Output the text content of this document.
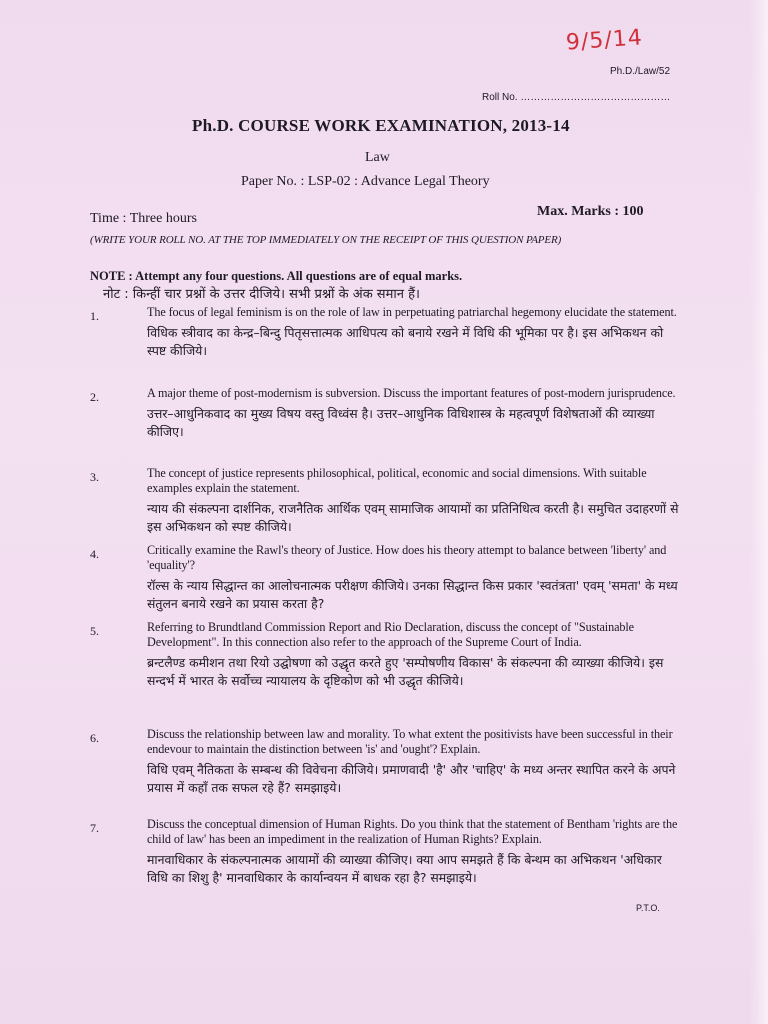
9/5/14
Ph.D./Law/52
Roll No. ………………………………………
Ph.D. COURSE WORK EXAMINATION, 2013-14
Law
Paper No. : LSP-02 : Advance Legal Theory
Time : Three hours	Max. Marks : 100
(WRITE YOUR ROLL NO. AT THE TOP IMMEDIATELY ON THE RECEIPT OF THIS QUESTION PAPER)
NOTE : Attempt any four questions. All questions are of equal marks.
नोट : किन्हीं चार प्रश्नों के उत्तर दीजिये। सभी प्रश्नों के अंक समान हैं।
1.	The focus of legal feminism is on the role of law in perpetuating patriarchal hegemony elucidate the statement.
विधिक स्त्रीवाद का केन्द्र–बिन्दु पितृसत्तात्मक आधिपत्य को बनाये रखने में विधि की भूमिका पर है। इस अभिकथन को स्पष्ट कीजिये।
2.	A major theme of post-modernism is subversion. Discuss the important features of post-modern jurisprudence.
उत्तर–आधुनिकवाद का मुख्य विषय वस्तु विध्वंस है। उत्तर–आधुनिक विधिशास्त्र के महत्वपूर्ण विशेषताओं की व्याख्या कीजिए।
3.	The concept of justice represents philosophical, political, economic and social dimensions. With suitable examples explain the statement.
न्याय की संकल्पना दार्शनिक, राजनैतिक आर्थिक एवम् सामाजिक आयामों का प्रतिनिधित्व करती है। समुचित उदाहरणों से इस अभिकथन को स्पष्ट कीजिये।
4.	Critically examine the Rawl's theory of Justice. How does his theory attempt to balance between 'liberty' and 'equality'?
रॉल्स के न्याय सिद्धान्त का आलोचनात्मक परीक्षण कीजिये। उनका सिद्धान्त किस प्रकार 'स्वतंत्रता' एवम् 'समता' के मध्य संतुलन बनाये रखने का प्रयास करता है?
5.	Referring to Brundtland Commission Report and Rio Declaration, discuss the concept of "Sustainable Development". In this connection also refer to the approach of the Supreme Court of India.
ब्रन्टलैण्ड कमीशन तथा रियो उद्घोषणा को उद्धृत करते हुए 'सम्पोषणीय विकास' के संकल्पना की व्याख्या कीजिये। इस सन्दर्भ में भारत के सर्वोच्च न्यायालय के दृष्टिकोण को भी उद्धृत कीजिये।
6.	Discuss the relationship between law and morality. To what extent the positivists have been successful in their endevour to maintain the distinction between 'is' and 'ought'? Explain.
विधि एवम् नैतिकता के सम्बन्ध की विवेचना कीजिये। प्रमाणवादी 'है' और 'चाहिए' के मध्य अन्तर स्थापित करने के अपने प्रयास में कहाँ तक सफल रहे हैं? समझाइये।
7.	Discuss the conceptual dimension of Human Rights. Do you think that the statement of Bentham 'rights are the child of law' has been an impediment in the realization of Human Rights? Explain.
मानवाधिकार के संकल्पनात्मक आयामों की व्याख्या कीजिए। क्या आप समझते हैं कि बेन्थम का अभिकथन 'अधिकार विधि का शिशु है' मानवाधिकार के कार्यान्वयन में बाधक रहा है? समझाइये।
P.T.O.
